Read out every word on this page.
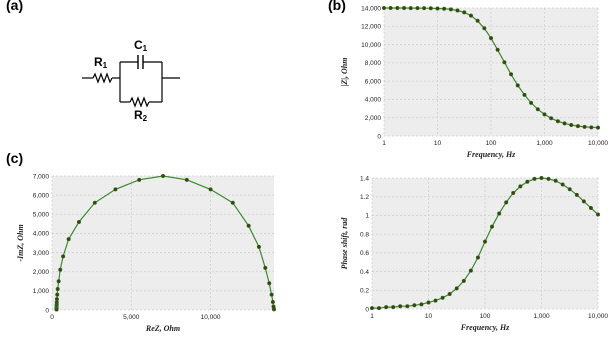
(a)	(b)
(c)
R1
C1
R2
0
2,000
4,000
6,000
8,000
10,000
12,000
14,000
1	10	100	1,000	10,000
Frequency, Hz
|Z|, Ohm
0
1,000
2,000
3,000
4,000
5,000
6,000
7,000
0	5,000	10,000
ReZ, Ohm
-ImZ, Ohm
0
0.2
0.4
0.6
0.8
1
1.2
1.4
1	10	100	1,000	10,000
Frequency, Hz
Phase shift, rad
